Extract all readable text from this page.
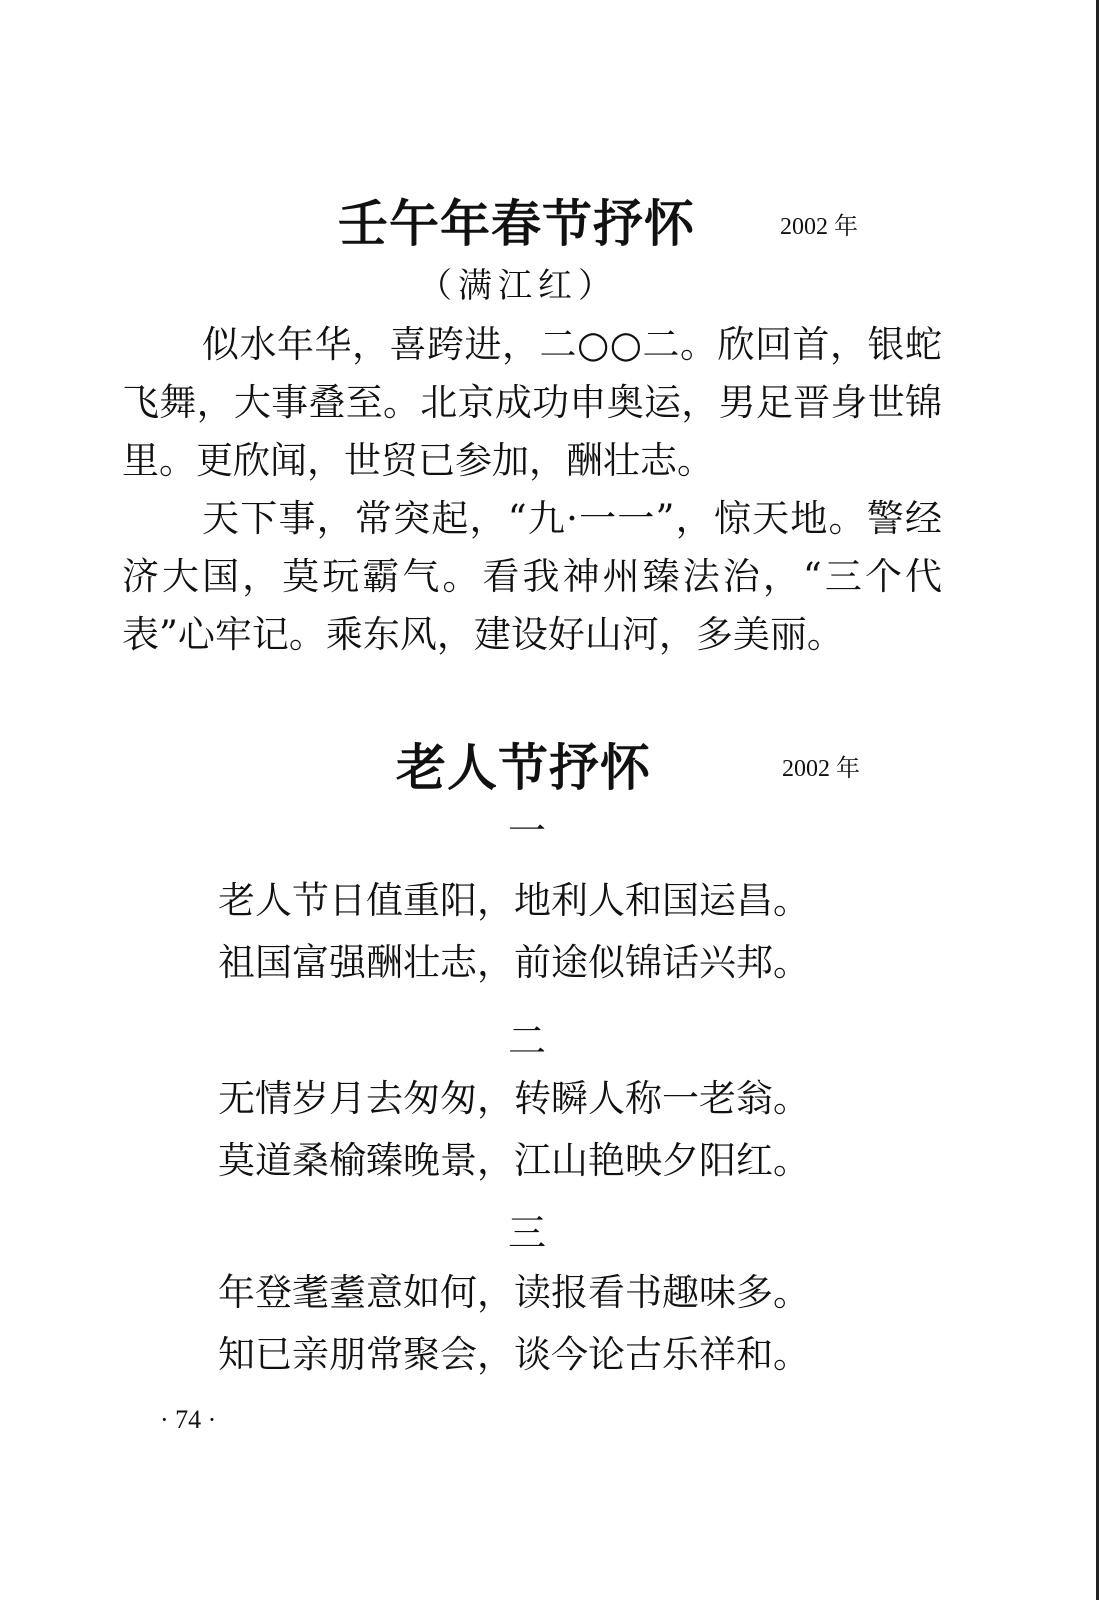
壬午年春节抒怀	2002 年
（满江红）

似水年华，喜跨进，二○○二。欣回首，银蛇飞舞，大事叠至。北京成功申奥运，男足晋身世锦里。更欣闻，世贸已参加，酬壮志。

天下事，常突起，“九·一一”，惊天地。警经济大国，莫玩霸气。看我神州臻法治，“三个代表”心牢记。乘东风，建设好山河，多美丽。

老人节抒怀	2002 年
一
老人节日值重阳，地利人和国运昌。
祖国富强酬壮志，前途似锦话兴邦。
二
无情岁月去匆匆，转瞬人称一老翁。
莫道桑榆臻晚景，江山艳映夕阳红。
三
年登耄耋意如何，读报看书趣味多。
知已亲朋常聚会，谈今论古乐祥和。
· 74 ·
